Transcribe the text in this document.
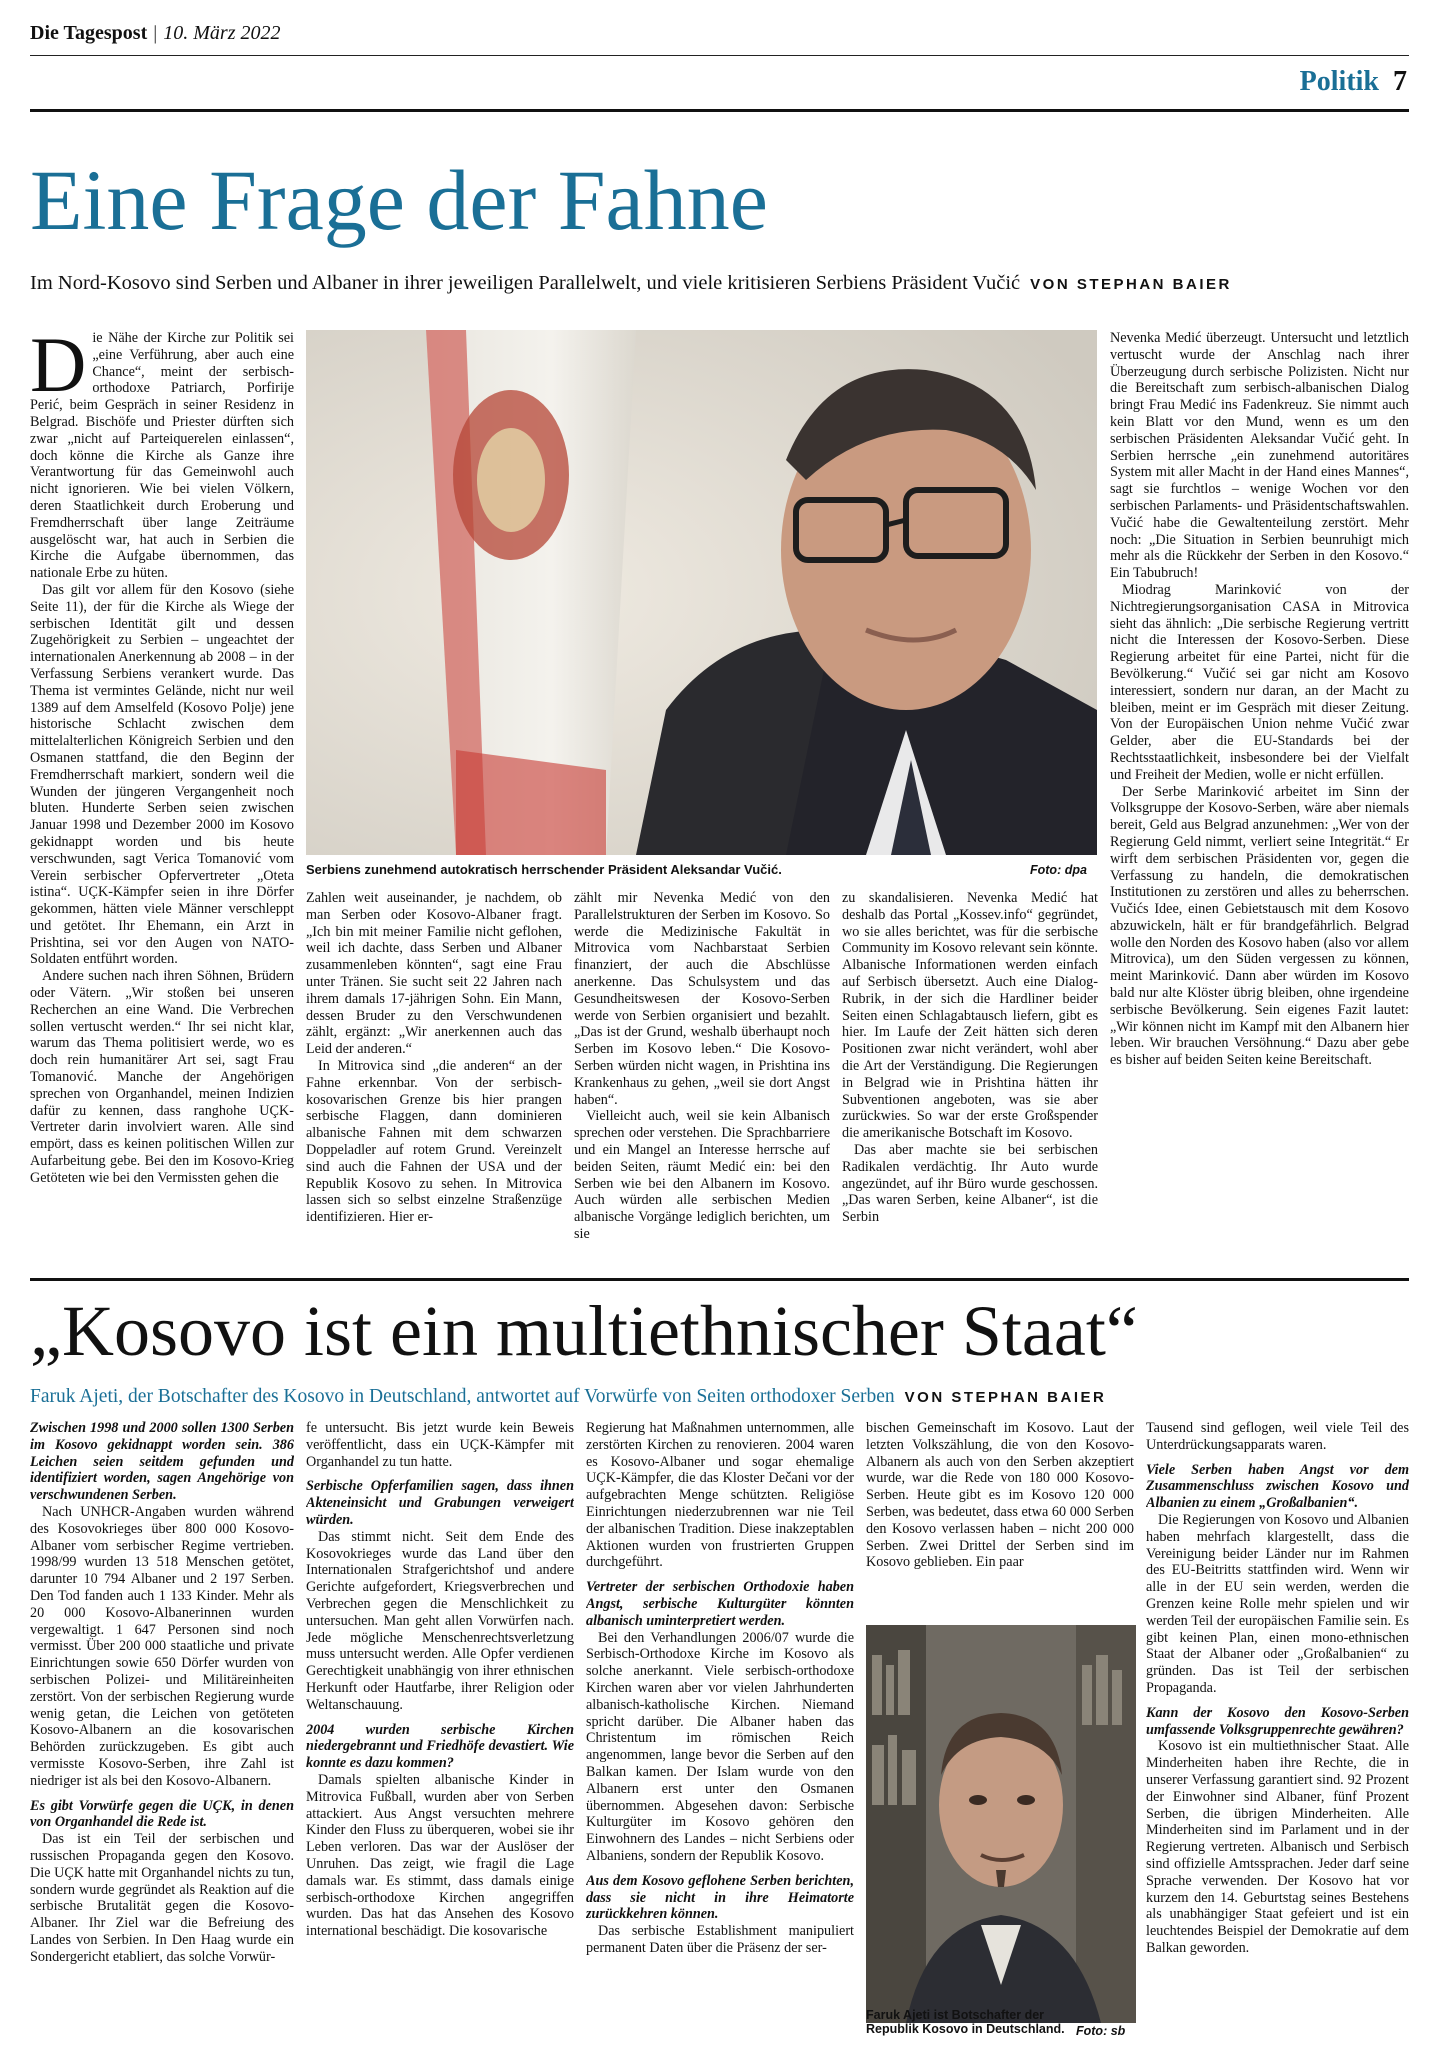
Die Tagespost | 10. März 2022
Politik 7
Eine Frage der Fahne
Im Nord-Kosovo sind Serben und Albaner in ihrer jeweiligen Parallelwelt, und viele kritisieren Serbiens Präsident Vučić VON STEPHAN BAIER
D ie Nähe der Kirche zur Politik sei „eine Verführung, aber auch eine Chance“, meint der serbisch-orthodoxe Patriarch, Porfirije Perić, beim Gespräch in seiner Residenz in Belgrad. Bischöfe und Priester dürften sich zwar „nicht auf Parteiquerelen einlassen“, doch könne die Kirche als Ganze ihre Verantwortung für das Gemeinwohl auch nicht ignorieren. Wie bei vielen Völkern, deren Staatlichkeit durch Eroberung und Fremdherrschaft über lange Zeiträume ausgelöscht war, hat auch in Serbien die Kirche die Aufgabe übernommen, das nationale Erbe zu hüten.

Das gilt vor allem für den Kosovo (siehe Seite 11), der für die Kirche als Wiege der serbischen Identität gilt und dessen Zugehörigkeit zu Serbien – ungeachtet der internationalen Anerkennung ab 2008 – in der Verfassung Serbiens verankert wurde. Das Thema ist vermintes Gelände, nicht nur weil 1389 auf dem Amselfeld (Kosovo Polje) jene historische Schlacht zwischen dem mittelalterlichen Königreich Serbien und den Osmanen stattfand, die den Beginn der Fremdherrschaft markiert, sondern weil die Wunden der jüngeren Vergangenheit noch bluten. Hunderte Serben seien zwischen Januar 1998 und Dezember 2000 im Kosovo gekidnappt worden und bis heute verschwunden, sagt Verica Tomanović vom Verein serbischer Opfervertreter „Oteta istina“. UÇK-Kämpfer seien in ihre Dörfer gekommen, hätten viele Männer verschleppt und getötet. Ihr Ehemann, ein Arzt in Prishtina, sei vor den Augen von NATO-Soldaten entführt worden.

Andere suchen nach ihren Söhnen, Brüdern oder Vätern. „Wir stoßen bei unseren Recherchen an eine Wand. Die Verbrechen sollen vertuscht werden.“ Ihr sei nicht klar, warum das Thema politisiert werde, wo es doch rein humanitärer Art sei, sagt Frau Tomanović. Manche der Angehörigen sprechen von Organhandel, meinen Indizien dafür zu kennen, dass ranghohe UÇK-Vertreter darin involviert waren. Alle sind empört, dass es keinen politischen Willen zur Aufarbeitung gebe. Bei den im Kosovo-Krieg Getöteten wie bei den Vermissten gehen die

Serbiens zunehmend autokratisch herrschender Präsident Aleksandar Vučić.	Foto: dpa

Zahlen weit auseinander, je nachdem, ob man Serben oder Kosovo-Albaner fragt. „Ich bin mit meiner Familie nicht geflohen, weil ich dachte, dass Serben und Albaner zusammenleben könnten“, sagt eine Frau unter Tränen. Sie sucht seit 22 Jahren nach ihrem damals 17-jährigen Sohn. Ein Mann, dessen Bruder zu den Verschwundenen zählt, ergänzt: „Wir anerkennen auch das Leid der anderen.“

In Mitrovica sind „die anderen“ an der Fahne erkennbar. Von der serbisch-kosovarischen Grenze bis hier prangen serbische Flaggen, dann dominieren albanische Fahnen mit dem schwarzen Doppeladler auf rotem Grund. Vereinzelt sind auch die Fahnen der USA und der Republik Kosovo zu sehen. In Mitrovica lassen sich so selbst einzelne Straßenzüge identifizieren. Hier er-

zählt mir Nevenka Medić von den Parallelstrukturen der Serben im Kosovo. So werde die Medizinische Fakultät in Mitrovica vom Nachbarstaat Serbien finanziert, der auch die Abschlüsse anerkenne. Das Schulsystem und das Gesundheitswesen der Kosovo-Serben werde von Serbien organisiert und bezahlt. „Das ist der Grund, weshalb überhaupt noch Serben im Kosovo leben.“ Die Kosovo-Serben würden nicht wagen, in Prishtina ins Krankenhaus zu gehen, „weil sie dort Angst haben“.

Vielleicht auch, weil sie kein Albanisch sprechen oder verstehen. Die Sprachbarriere und ein Mangel an Interesse herrsche auf beiden Seiten, räumt Medić ein: bei den Serben wie bei den Albanern im Kosovo. Auch würden alle serbischen Medien albanische Vorgänge lediglich berichten, um sie

zu skandalisieren. Nevenka Medić hat deshalb das Portal „Kossev.info“ gegründet, wo sie alles berichtet, was für die serbische Community im Kosovo relevant sein könnte. Albanische Informationen werden einfach auf Serbisch übersetzt. Auch eine Dialog-Rubrik, in der sich die Hardliner beider Seiten einen Schlagabtausch liefern, gibt es hier. Im Laufe der Zeit hätten sich deren Positionen zwar nicht verändert, wohl aber die Art der Verständigung. Die Regierungen in Belgrad wie in Prishtina hätten ihr Subventionen angeboten, was sie aber zurückwies. So war der erste Großspender die amerikanische Botschaft im Kosovo.

Das aber machte sie bei serbischen Radikalen verdächtig. Ihr Auto wurde angezündet, auf ihr Büro wurde geschossen. „Das waren Serben, keine Albaner“, ist die Serbin

Nevenka Medić überzeugt. Untersucht und letztlich vertuscht wurde der Anschlag nach ihrer Überzeugung durch serbische Polizisten. Nicht nur die Bereitschaft zum serbisch-albanischen Dialog bringt Frau Medić ins Fadenkreuz. Sie nimmt auch kein Blatt vor den Mund, wenn es um den serbischen Präsidenten Aleksandar Vučić geht. In Serbien herrsche „ein zunehmend autoritäres System mit aller Macht in der Hand eines Mannes“, sagt sie furchtlos – wenige Wochen vor den serbischen Parlaments- und Präsidentschaftswahlen. Vučić habe die Gewaltenteilung zerstört. Mehr noch: „Die Situation in Serbien beunruhigt mich mehr als die Rückkehr der Serben in den Kosovo.“ Ein Tabubruch!

Miodrag Marinković von der Nichtregierungsorganisation CASA in Mitrovica sieht das ähnlich: „Die serbische Regierung vertritt nicht die Interessen der Kosovo-Serben. Diese Regierung arbeitet für eine Partei, nicht für die Bevölkerung.“ Vučić sei gar nicht am Kosovo interessiert, sondern nur daran, an der Macht zu bleiben, meint er im Gespräch mit dieser Zeitung. Von der Europäischen Union nehme Vučić zwar Gelder, aber die EU-Standards bei der Rechtsstaatlichkeit, insbesondere bei der Vielfalt und Freiheit der Medien, wolle er nicht erfüllen.

Der Serbe Marinković arbeitet im Sinn der Volksgruppe der Kosovo-Serben, wäre aber niemals bereit, Geld aus Belgrad anzunehmen: „Wer von der Regierung Geld nimmt, verliert seine Integrität.“ Er wirft dem serbischen Präsidenten vor, gegen die Verfassung zu handeln, die demokratischen Institutionen zu zerstören und alles zu beherrschen. Vučićs Idee, einen Gebietstausch mit dem Kosovo abzuwickeln, hält er für brandgefährlich. Belgrad wolle den Norden des Kosovo haben (also vor allem Mitrovica), um den Süden vergessen zu können, meint Marinković. Dann aber würden im Kosovo bald nur alte Klöster übrig bleiben, ohne irgendeine serbische Bevölkerung. Sein eigenes Fazit lautet: „Wir können nicht im Kampf mit den Albanern hier leben. Wir brauchen Versöhnung.“ Dazu aber gebe es bisher auf beiden Seiten keine Bereitschaft.

„Kosovo ist ein multiethnischer Staat“
Faruk Ajeti, der Botschafter des Kosovo in Deutschland, antwortet auf Vorwürfe von Seiten orthodoxer Serben VON STEPHAN BAIER

Zwischen 1998 und 2000 sollen 1300 Serben im Kosovo gekidnappt worden sein. 386 Leichen seien seitdem gefunden und identifiziert worden, sagen Angehörige von verschwundenen Serben.

Nach UNHCR-Angaben wurden während des Kosovokrieges über 800 000 Kosovo-Albaner vom serbischer Regime vertrieben. 1998/99 wurden 13 518 Menschen getötet, darunter 10 794 Albaner und 2 197 Serben. Den Tod fanden auch 1 133 Kinder. Mehr als 20 000 Kosovo-Albanerinnen wurden vergewaltigt. 1 647 Personen sind noch vermisst. Über 200 000 staatliche und private Einrichtungen sowie 650 Dörfer wurden von serbischen Polizei- und Militäreinheiten zerstört. Von der serbischen Regierung wurde wenig getan, die Leichen von getöteten Kosovo-Albanern an die kosovarischen Behörden zurückzugeben. Es gibt auch vermisste Kosovo-Serben, ihre Zahl ist niedriger ist als bei den Kosovo-Albanern.

Es gibt Vorwürfe gegen die UÇK, in denen von Organhandel die Rede ist.

Das ist ein Teil der serbischen und russischen Propaganda gegen den Kosovo. Die UÇK hatte mit Organhandel nichts zu tun, sondern wurde gegründet als Reaktion auf die serbische Brutalität gegen die Kosovo-Albaner. Ihr Ziel war die Befreiung des Landes von Serbien. In Den Haag wurde ein Sondergericht etabliert, das solche Vorwür-

fe untersucht. Bis jetzt wurde kein Beweis veröffentlicht, dass ein UÇK-Kämpfer mit Organhandel zu tun hatte.

Serbische Opferfamilien sagen, dass ihnen Akteneinsicht und Grabungen verweigert würden.

Das stimmt nicht. Seit dem Ende des Kosovokrieges wurde das Land über den Internationalen Strafgerichtshof und andere Gerichte aufgefordert, Kriegsverbrechen und Verbrechen gegen die Menschlichkeit zu untersuchen. Man geht allen Vorwürfen nach. Jede mögliche Menschenrechtsverletzung muss untersucht werden. Alle Opfer verdienen Gerechtigkeit unabhängig von ihrer ethnischen Herkunft oder Hautfarbe, ihrer Religion oder Weltanschauung.

2004 wurden serbische Kirchen niedergebrannt und Friedhöfe devastiert. Wie konnte es dazu kommen?

Damals spielten albanische Kinder in Mitrovica Fußball, wurden aber von Serben attackiert. Aus Angst versuchten mehrere Kinder den Fluss zu überqueren, wobei sie ihr Leben verloren. Das war der Auslöser der Unruhen. Das zeigt, wie fragil die Lage damals war. Es stimmt, dass damals einige serbisch-orthodoxe Kirchen angegriffen wurden. Das hat das Ansehen des Kosovo international beschädigt. Die kosovarische

Regierung hat Maßnahmen unternommen, alle zerstörten Kirchen zu renovieren. 2004 waren es Kosovo-Albaner und sogar ehemalige UÇK-Kämpfer, die das Kloster Dečani vor der aufgebrachten Menge schützten. Religiöse Einrichtungen niederzubrennen war nie Teil der albanischen Tradition. Diese inakzeptablen Aktionen wurden von frustrierten Gruppen durchgeführt.

Vertreter der serbischen Orthodoxie haben Angst, serbische Kulturgüter könnten albanisch uminterpretiert werden.

Bei den Verhandlungen 2006/07 wurde die Serbisch-Orthodoxe Kirche im Kosovo als solche anerkannt. Viele serbisch-orthodoxe Kirchen waren aber vor vielen Jahrhunderten albanisch-katholische Kirchen. Niemand spricht darüber. Die Albaner haben das Christentum im römischen Reich angenommen, lange bevor die Serben auf den Balkan kamen. Der Islam wurde von den Albanern erst unter den Osmanen übernommen. Abgesehen davon: Serbische Kulturgüter im Kosovo gehören den Einwohnern des Landes – nicht Serbiens oder Albaniens, sondern der Republik Kosovo.

Aus dem Kosovo geflohene Serben berichten, dass sie nicht in ihre Heimatorte zurückkehren können.

Das serbische Establishment manipuliert permanent Daten über die Präsenz der ser-

bischen Gemeinschaft im Kosovo. Laut der letzten Volkszählung, die von den Kosovo-Albanern als auch von den Serben akzeptiert wurde, war die Rede von 180 000 Kosovo-Serben. Heute gibt es im Kosovo 120 000 Serben, was bedeutet, dass etwa 60 000 Serben den Kosovo verlassen haben – nicht 200 000 Serben. Zwei Drittel der Serben sind im Kosovo geblieben. Ein paar

Faruk Ajeti ist Botschafter der Republik Kosovo in Deutschland. Foto: sb

Tausend sind geflogen, weil viele Teil des Unterdrückungsapparats waren.

Viele Serben haben Angst vor dem Zusammenschluss zwischen Kosovo und Albanien zu einem „Großalbanien“.

Die Regierungen von Kosovo und Albanien haben mehrfach klargestellt, dass die Vereinigung beider Länder nur im Rahmen des EU-Beitritts stattfinden wird. Wenn wir alle in der EU sein werden, werden die Grenzen keine Rolle mehr spielen und wir werden Teil der europäischen Familie sein. Es gibt keinen Plan, einen mono-ethnischen Staat der Albaner oder „Großalbanien“ zu gründen. Das ist Teil der serbischen Propaganda.

Kann der Kosovo den Kosovo-Serben umfassende Volksgruppenrechte gewähren?

Kosovo ist ein multiethnischer Staat. Alle Minderheiten haben ihre Rechte, die in unserer Verfassung garantiert sind. 92 Prozent der Einwohner sind Albaner, fünf Prozent Serben, die übrigen Minderheiten. Alle Minderheiten sind im Parlament und in der Regierung vertreten. Albanisch und Serbisch sind offizielle Amtssprachen. Jeder darf seine Sprache verwenden. Der Kosovo hat vor kurzem den 14. Geburtstag seines Bestehens als unabhängiger Staat gefeiert und ist ein leuchtendes Beispiel der Demokratie auf dem Balkan geworden.
